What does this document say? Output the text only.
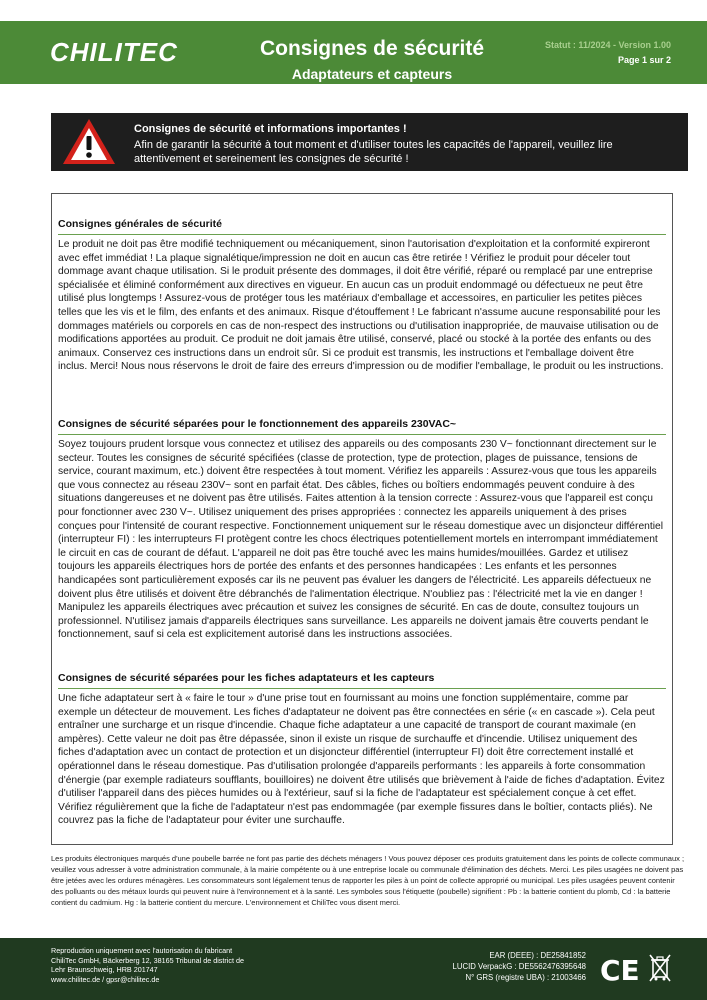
CHILITEC	Consignes de sécurité
Adaptateurs et capteurs
Statut : 11/2024 - Version 1.00
Page 1 sur 2
Consignes de sécurité et informations importantes !
Afin de garantir la sécurité à tout moment et d'utiliser toutes les capacités de l'appareil, veuillez lire attentivement et sereinement les consignes de sécurité !
Consignes générales de sécurité
Le produit ne doit pas être modifié techniquement ou mécaniquement, sinon l'autorisation d'exploitation et la conformité expireront avec effet immédiat ! La plaque signalétique/impression ne doit en aucun cas être retirée ! Vérifiez le produit pour déceler tout dommage avant chaque utilisation. Si le produit présente des dommages, il doit être vérifié, réparé ou remplacé par une entreprise spécialisée et éliminé conformément aux directives en vigueur. En aucun cas un produit endommagé ou défectueux ne peut être utilisé plus longtemps ! Assurez-vous de protéger tous les matériaux d'emballage et accessoires, en particulier les petites pièces telles que les vis et le film, des enfants et des animaux. Risque d'étouffement ! Le fabricant n'assume aucune responsabilité pour les dommages matériels ou corporels en cas de non-respect des instructions ou d'utilisation inappropriée, de mauvaise utilisation ou de modifications apportées au produit. Ce produit ne doit jamais être utilisé, conservé, placé ou stocké à la portée des enfants ou des animaux. Conservez ces instructions dans un endroit sûr. Si ce produit est transmis, les instructions et l'emballage doivent être inclus. Merci! Nous nous réservons le droit de faire des erreurs d'impression ou de modifier l'emballage, le produit ou les instructions.
Consignes de sécurité séparées pour le fonctionnement des appareils 230VAC~
Soyez toujours prudent lorsque vous connectez et utilisez des appareils ou des composants 230 V~ fonctionnant directement sur le secteur. Toutes les consignes de sécurité spécifiées (classe de protection, type de protection, plages de puissance, tensions de service, courant maximum, etc.) doivent être respectées à tout moment. Vérifiez les appareils : Assurez-vous que tous les appareils que vous connectez au réseau 230V~ sont en parfait état. Des câbles, fiches ou boîtiers endommagés peuvent conduire à des situations dangereuses et ne doivent pas être utilisés. Faites attention à la tension correcte : Assurez-vous que l'appareil est conçu pour fonctionner avec 230 V~. Utilisez uniquement des prises appropriées : connectez les appareils uniquement à des prises conçues pour l'intensité de courant respective. Fonctionnement uniquement sur le réseau domestique avec un disjoncteur différentiel (interrupteur FI) : les interrupteurs FI protègent contre les chocs électriques potentiellement mortels en interrompant immédiatement le circuit en cas de courant de défaut. L'appareil ne doit pas être touché avec les mains humides/mouillées. Gardez et utilisez toujours les appareils électriques hors de portée des enfants et des personnes handicapées : Les enfants et les personnes handicapées sont particulièrement exposés car ils ne peuvent pas évaluer les dangers de l'électricité. Les appareils défectueux ne doivent plus être utilisés et doivent être débranchés de l'alimentation électrique. N'oubliez pas : l'électricité met la vie en danger ! Manipulez les appareils électriques avec précaution et suivez les consignes de sécurité. En cas de doute, consultez toujours un professionnel. N'utilisez jamais d'appareils électriques sans surveillance. Les appareils ne doivent jamais être couverts pendant le fonctionnement, sauf si cela est explicitement autorisé dans les instructions associées.
Consignes de sécurité séparées pour les fiches adaptateurs et les capteurs
Une fiche adaptateur sert à « faire le tour » d'une prise tout en fournissant au moins une fonction supplémentaire, comme par exemple un détecteur de mouvement. Les fiches d'adaptateur ne doivent pas être connectées en série (« en cascade »). Cela peut entraîner une surcharge et un risque d'incendie. Chaque fiche adaptateur a une capacité de transport de courant maximale (en ampères). Cette valeur ne doit pas être dépassée, sinon il existe un risque de surchauffe et d'incendie. Utilisez uniquement des fiches d'adaptation avec un contact de protection et un disjoncteur différentiel (interrupteur FI) doit être correctement installé et opérationnel dans le réseau domestique. Pas d'utilisation prolongée d'appareils performants : les appareils à forte consommation d'énergie (par exemple radiateurs soufflants, bouilloires) ne doivent être utilisés que brièvement à l'aide de fiches d'adaptation. Évitez d'utiliser l'appareil dans des pièces humides ou à l'extérieur, sauf si la fiche de l'adaptateur est spécialement conçue à cet effet. Vérifiez régulièrement que la fiche de l'adaptateur n'est pas endommagée (par exemple fissures dans le boîtier, contacts pliés). Ne couvrez pas la fiche de l'adaptateur pour éviter une surchauffe.
Les produits électroniques marqués d'une poubelle barrée ne font pas partie des déchets ménagers ! Vous pouvez déposer ces produits gratuitement dans les points de collecte communaux ; veuillez vous adresser à votre administration communale, à la mairie compétente ou à une entreprise locale ou communale d'élimination des déchets. Merci. Les piles usagées ne doivent pas être jetées avec les ordures ménagères. Les consommateurs sont légalement tenus de rapporter les piles à un point de collecte approprié ou municipal. Les piles usagées peuvent contenir des polluants ou des métaux lourds qui peuvent nuire à l'environnement et à la santé. Les symboles sous l'étiquette (poubelle) signifient : Pb : la batterie contient du plomb, Cd : la batterie contient du cadmium. Hg : la batterie contient du mercure. L'environnement et ChiliTec vous disent merci.
Reproduction uniquement avec l'autorisation du fabricant
ChiliTec GmbH, Bäckerberg 12, 38165 Tribunal de district de
Lehr Braunschweig, HRB 201747
www.chilitec.de / gpsr@chilitec.de
EAR (DEEE) : DE25841852
LUCID VerpackG : DE5562476395648
N° GRS (registre UBA) : 21003466 CE
